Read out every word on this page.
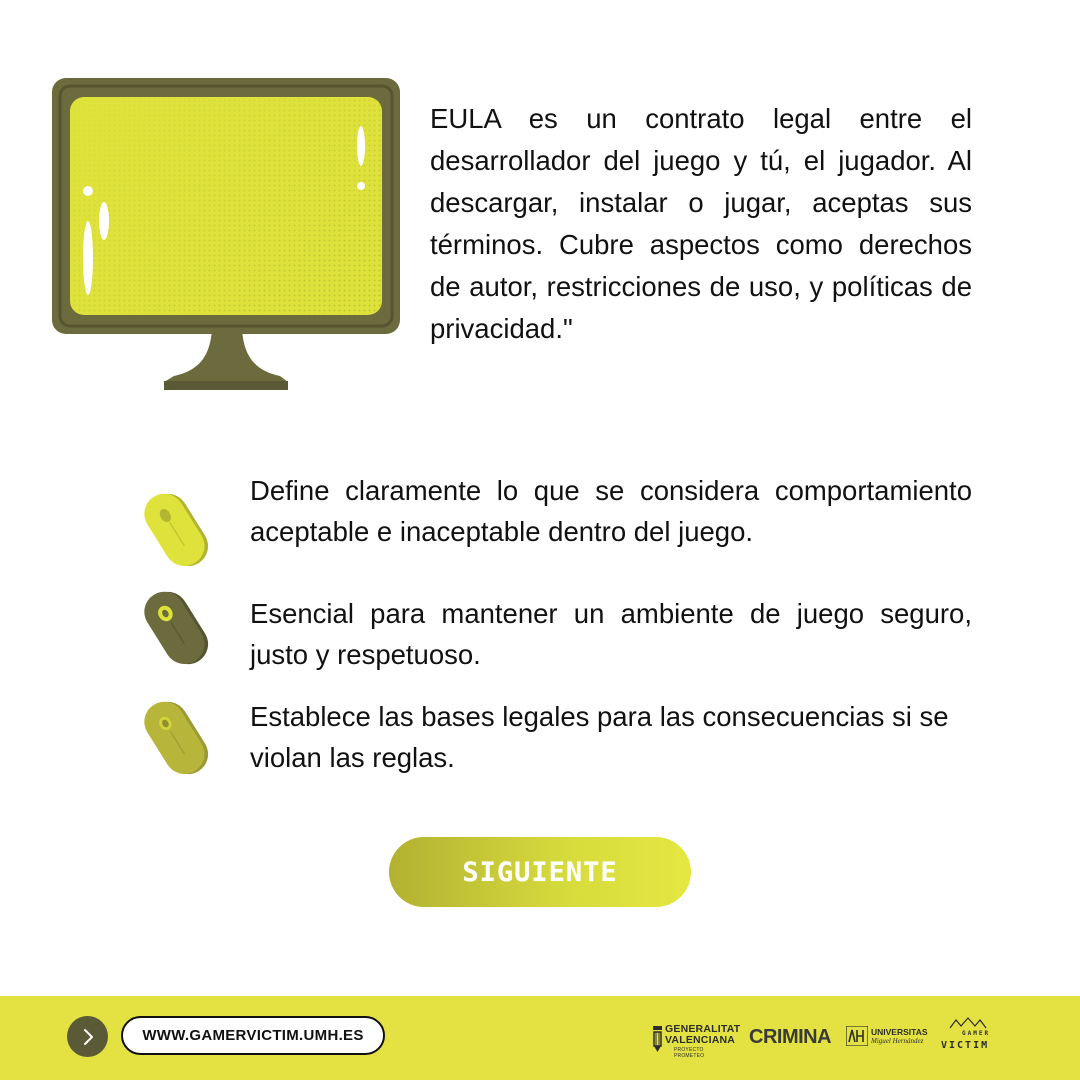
EULA es un contrato legal entre el desarrollador del juego y tú, el jugador. Al descargar, instalar o jugar, aceptas sus términos. Cubre aspectos como derechos de autor, restricciones de uso, y políticas de privacidad."

Define claramente lo que se considera comportamiento aceptable e inaceptable dentro del juego.

Esencial para mantener un ambiente de juego seguro, justo y respetuoso.

Establece las bases legales para las consecuencias si se violan las reglas.

SIGUIENTE
WWW.GAMERVICTIM.UMH.ES	GENERALITAT
VALENCIANA
PROYECTO PROMETEO
CRIMINA	UNIVERSITAS
Miguel Hernández
GAMER
VICTIM
